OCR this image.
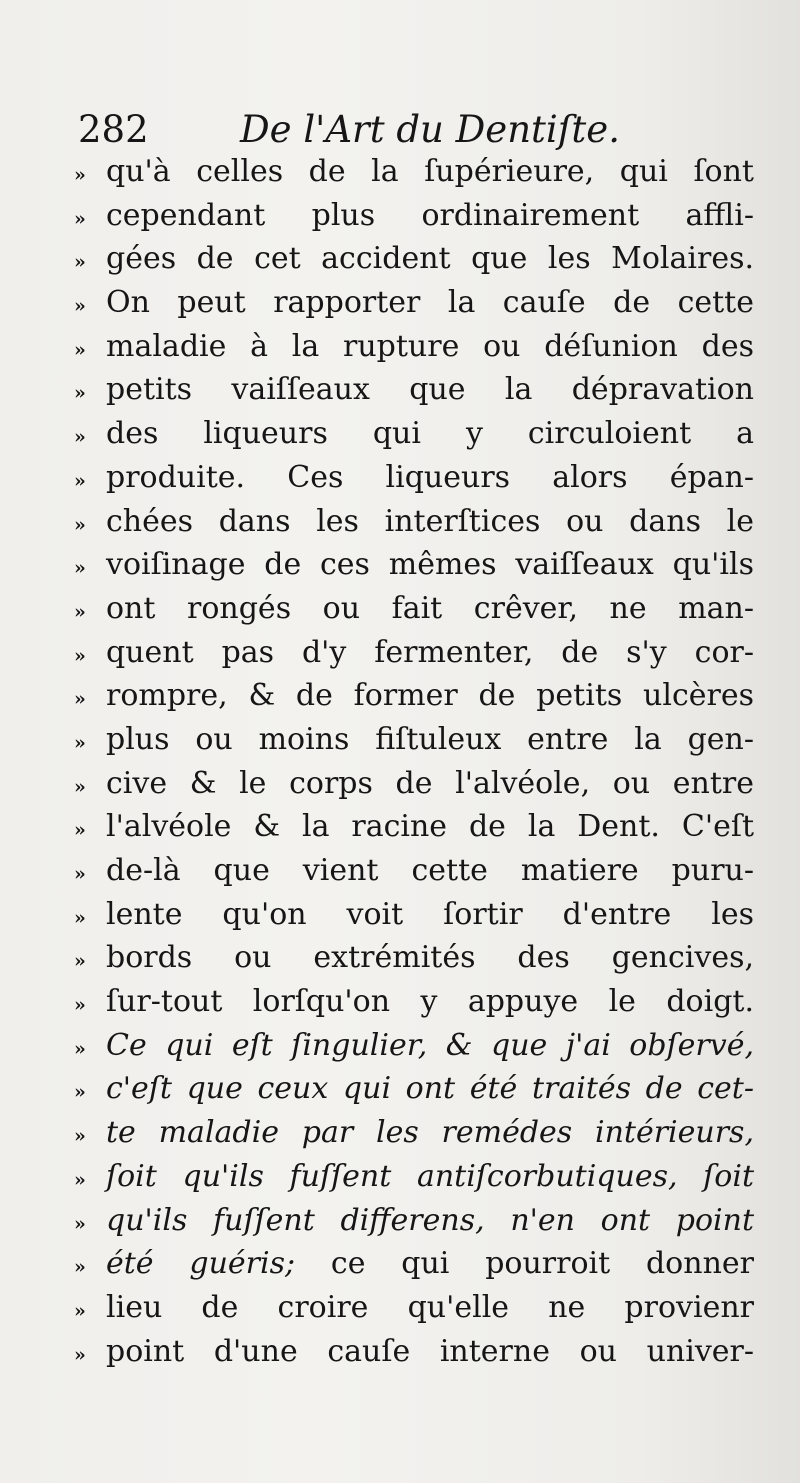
282 De l'Art du Dentiſte.
» qu'à celles de la ſupérieure, qui ſont
» cependant plus ordinairement affli-
» gées de cet accident que les Molaires.
» On peut rapporter la cauſe de cette
» maladie à la rupture ou déſunion des
» petits vaiſſeaux que la dépravation
» des liqueurs qui y circuloient a
» produite. Ces liqueurs alors épan-
» chées dans les interſtices ou dans le
» voiſinage de ces mêmes vaiſſeaux qu'ils
» ont rongés ou fait crêver, ne man-
» quent pas d'y fermenter, de s'y cor-
» rompre, & de former de petits ulcères
» plus ou moins fiſtuleux entre la gen-
» cive & le corps de l'alvéole, ou entre
» l'alvéole & la racine de la Dent. C'eſt
» de-là que vient cette matiere puru-
» lente qu'on voit ſortir d'entre les
» bords ou extrémités des gencives,
» ſur-tout lorſqu'on y appuye le doigt.
» Ce qui eſt ſingulier, & que j'ai obſervé,
» c'eſt que ceux qui ont été traités de cet-
» te maladie par les remédes intérieurs,
» ſoit qu'ils fuſſent antiſcorbutiques, ſoit
» qu'ils fuſſent differens, n'en ont point
» été guéris; ce qui pourroit donner
» lieu de croire qu'elle ne provienr
» point d'une cauſe interne ou univer-
